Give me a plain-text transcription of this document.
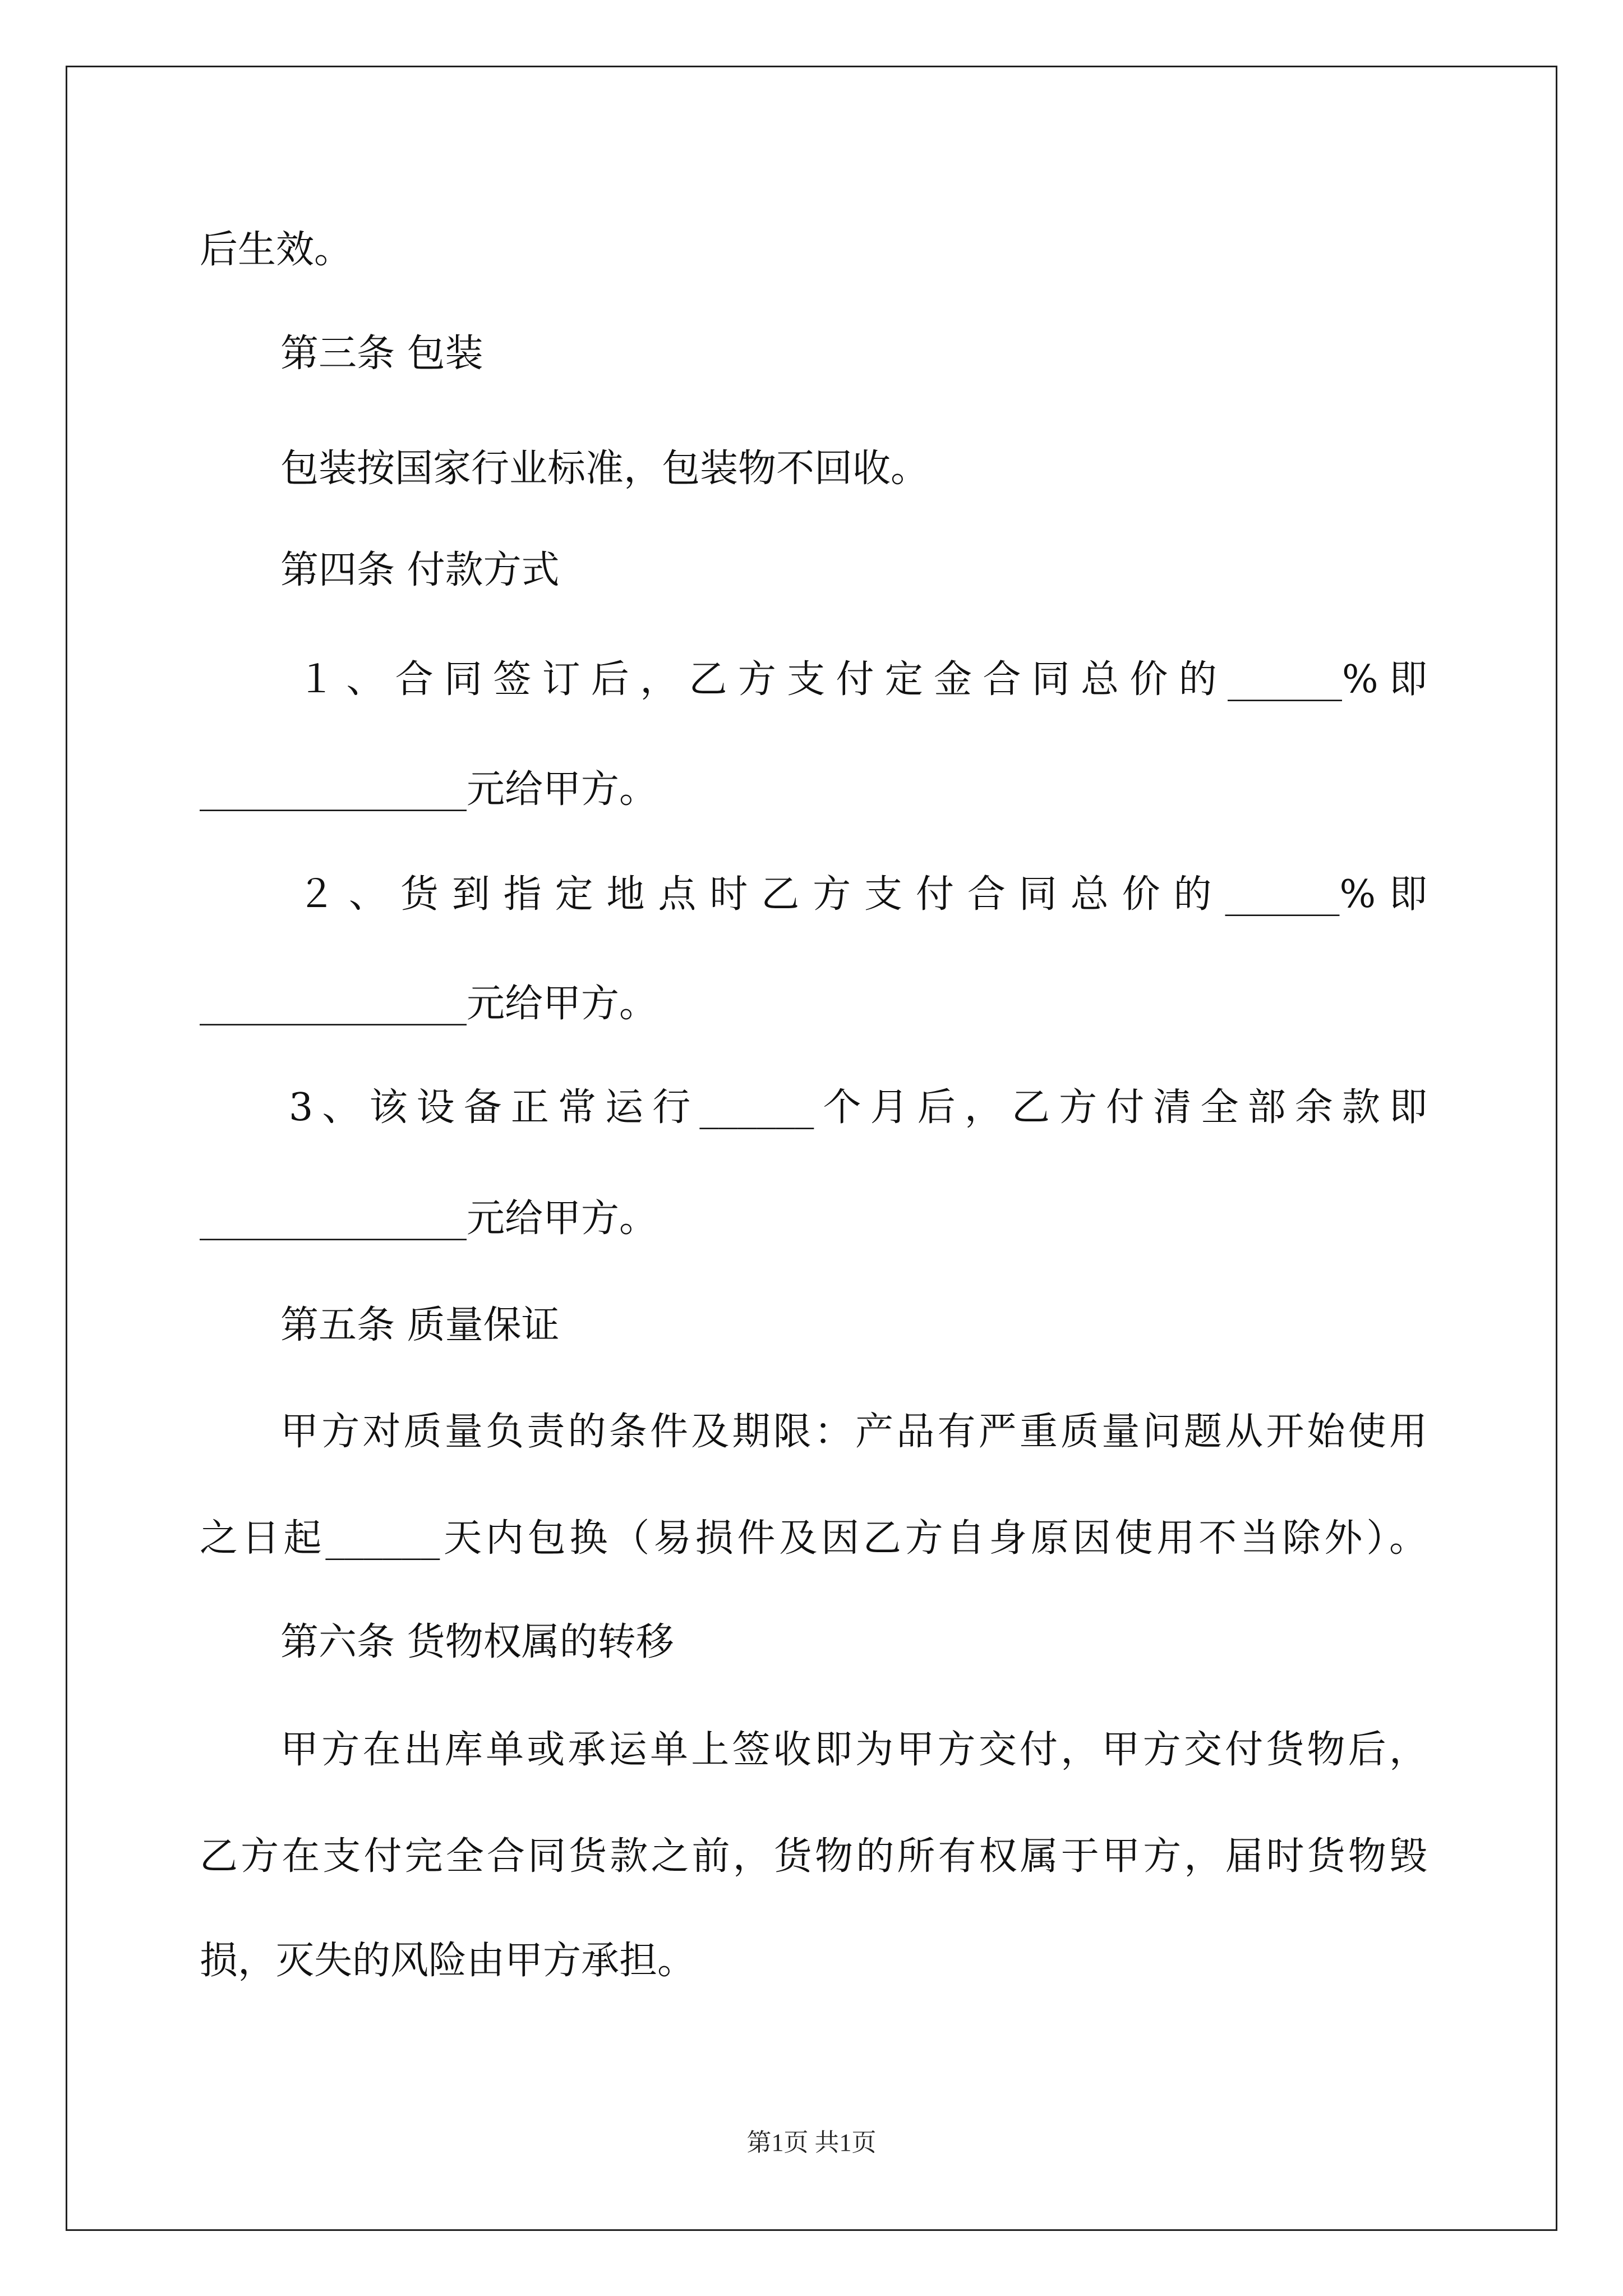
后生效。
第三条 包装
包装按国家行业标准，包装物不回收。
第四条 付款方式
１、合同签订后，乙方支付定金合同总价的______%即
______________元给甲方。
２、货到指定地点时乙方支付合同总价的______%即
______________元给甲方。
3、该设备正常运行______个月后，乙方付清全部余款即
______________元给甲方。
第五条 质量保证
甲方对质量负责的条件及期限：产品有严重质量问题从开始使用
之日起______天内包换（易损件及因乙方自身原因使用不当除外）。
第六条 货物权属的转移
甲方在出库单或承运单上签收即为甲方交付，甲方交付货物后，
乙方在支付完全合同货款之前，货物的所有权属于甲方，届时货物毁
损，灭失的风险由甲方承担。
第1页 共1页
